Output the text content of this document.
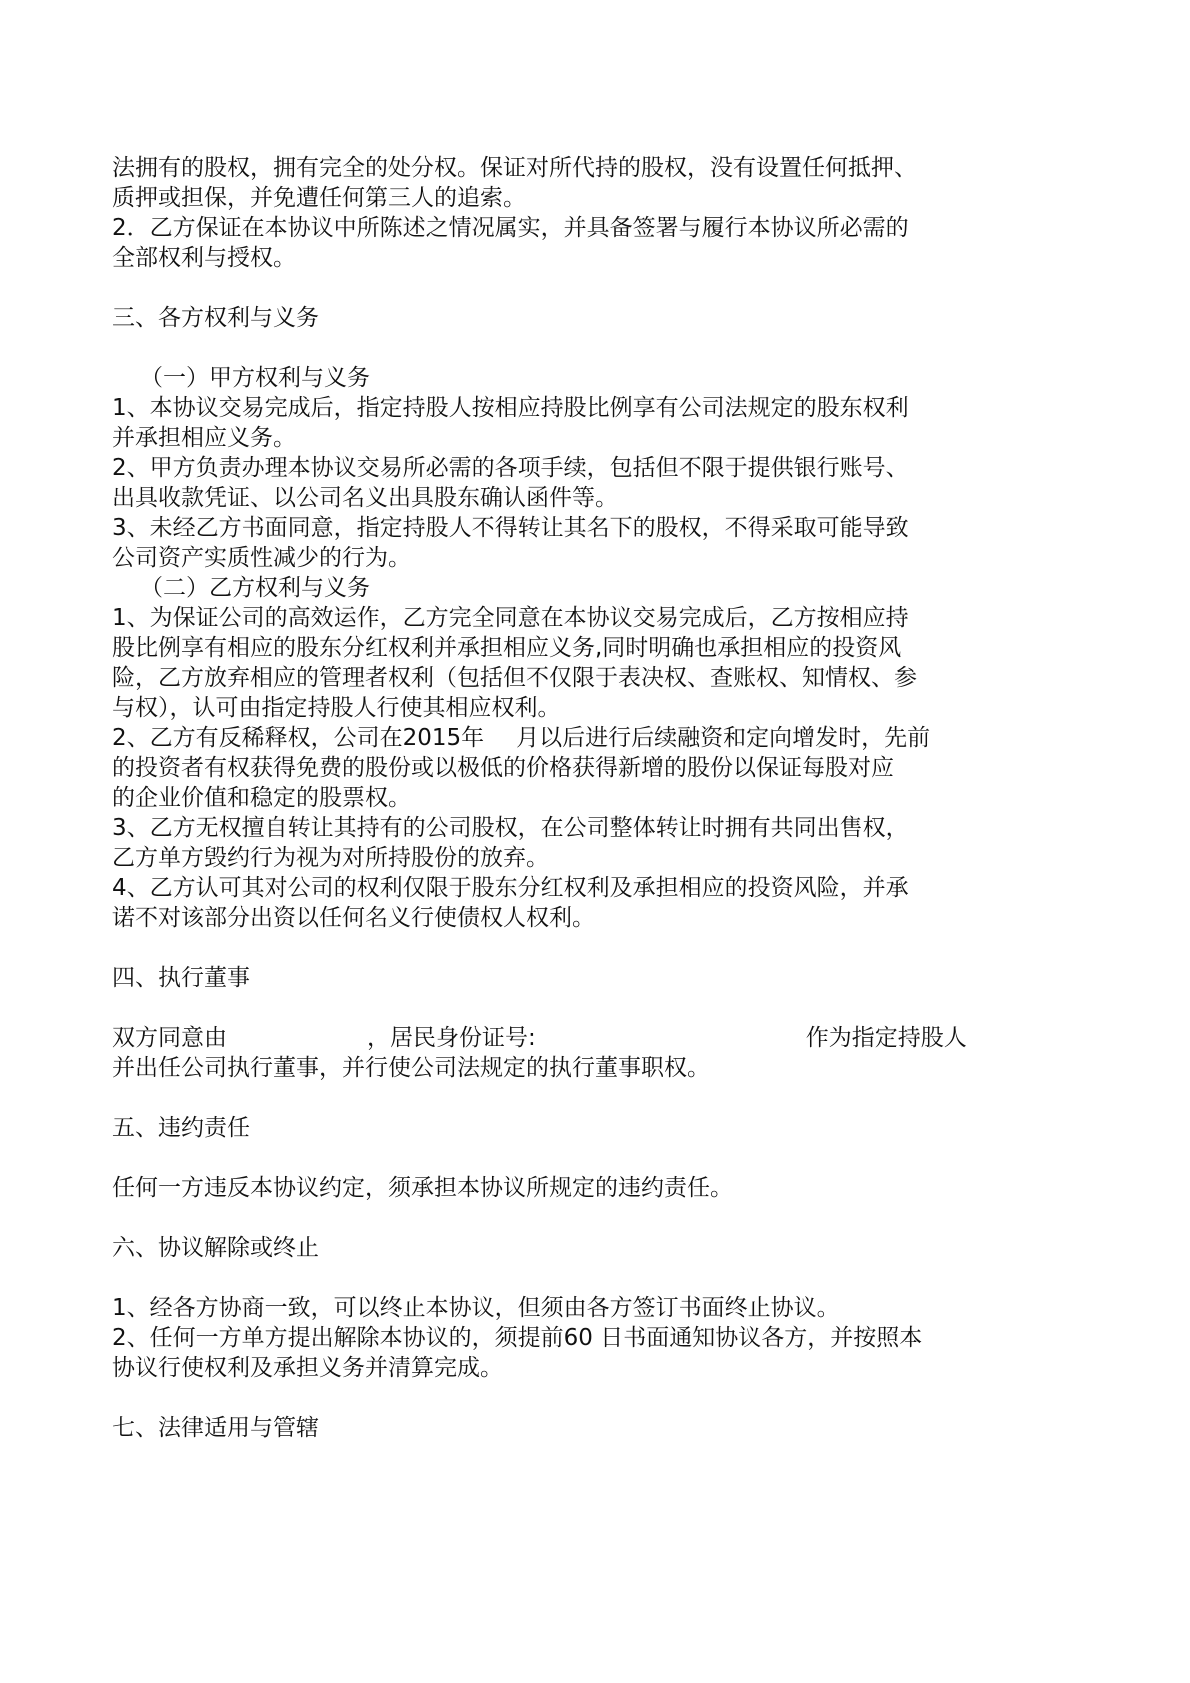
法拥有的股权，拥有完全的处分权。保证对所代持的股权，没有设置任何抵押、

质押或担保，并免遭任何第三人的追索。

2．乙方保证在本协议中所陈述之情况属实，并具备签署与履行本协议所必需的

全部权利与授权。

三、各方权利与义务

（一）甲方权利与义务

1、本协议交易完成后，指定持股人按相应持股比例享有公司法规定的股东权利

并承担相应义务。

2、甲方负责办理本协议交易所必需的各项手续，包括但不限于提供银行账号、

出具收款凭证、以公司名义出具股东确认函件等。

3、未经乙方书面同意，指定持股人不得转让其名下的股权，不得采取可能导致

公司资产实质性减少的行为。

（二）乙方权利与义务

1、为保证公司的高效运作，乙方完全同意在本协议交易完成后，乙方按相应持

股比例享有相应的股东分红权利并承担相应义务,同时明确也承担相应的投资风

险，乙方放弃相应的管理者权利（包括但不仅限于表决权、查账权、知情权、参

与权），认可由指定持股人行使其相应权利。

2、乙方有反稀释权，公司在2015年 月以后进行后续融资和定向增发时，先前

的投资者有权获得免费的股份或以极低的价格获得新增的股份以保证每股对应

的企业价值和稳定的股票权。

3、乙方无权擅自转让其持有的公司股权，在公司整体转让时拥有共同出售权，

乙方单方毁约行为视为对所持股份的放弃。

4、乙方认可其对公司的权利仅限于股东分红权利及承担相应的投资风险，并承

诺不对该部分出资以任何名义行使债权人权利。

四、执行董事

双方同意由	，居民身份证号:	作为指定持股人

并出任公司执行董事，并行使公司法规定的执行董事职权。

五、违约责任

任何一方违反本协议约定，须承担本协议所规定的违约责任。

六、协议解除或终止

1、经各方协商一致，可以终止本协议，但须由各方签订书面终止协议。

2、任何一方单方提出解除本协议的，须提前60 日书面通知协议各方，并按照本

协议行使权利及承担义务并清算完成。

七、法律适用与管辖
